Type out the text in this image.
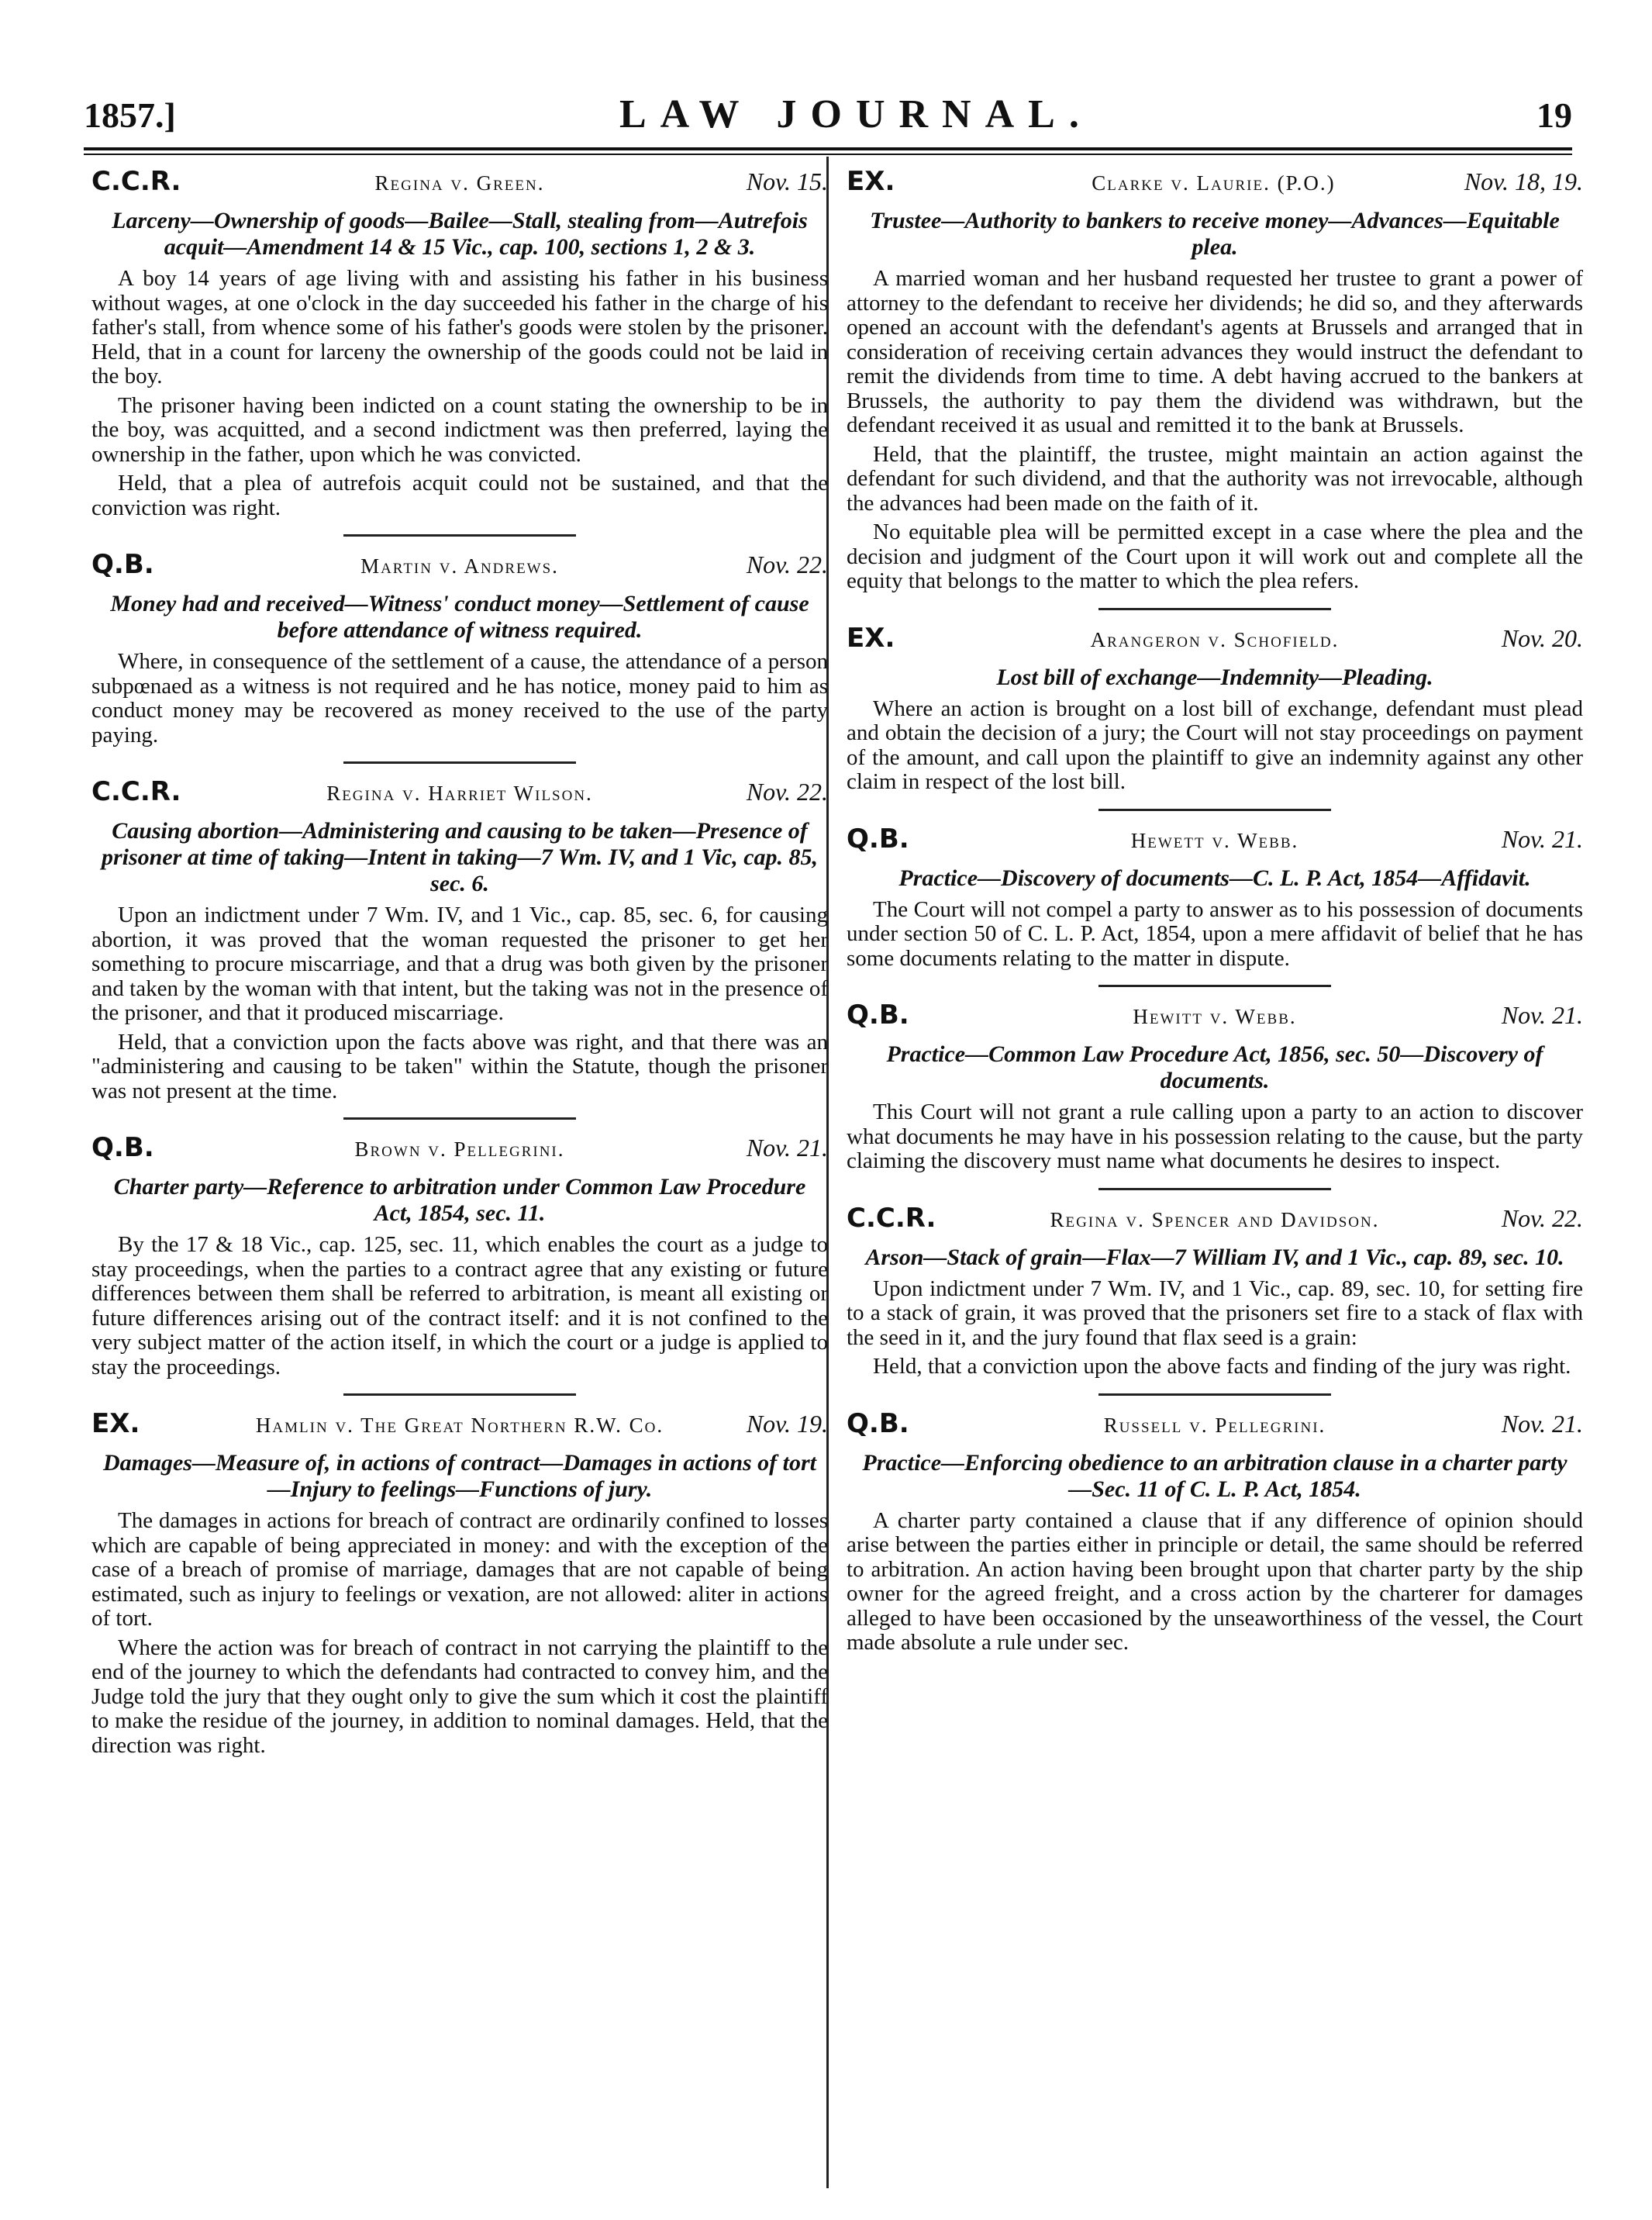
1857.]	LAW JOURNAL.	19
C.C.R.	Regina v. Green.	Nov. 15.
Larceny—Ownership of goods—Bailee—Stall, stealing from—Autrefois acquit—Amendment 14 & 15 Vic., cap. 100, sections 1, 2 & 3.

A boy 14 years of age living with and assisting his father in his business without wages, at one o'clock in the day succeeded his father in the charge of his father's stall, from whence some of his father's goods were stolen by the prisoner. Held, that in a count for larceny the ownership of the goods could not be laid in the boy.

The prisoner having been indicted on a count stating the ownership to be in the boy, was acquitted, and a second indictment was then preferred, laying the ownership in the father, upon which he was convicted.

Held, that a plea of autrefois acquit could not be sustained, and that the conviction was right.

Q.B.	Martin v. Andrews.	Nov. 22.
Money had and received—Witness' conduct money—Settlement of cause before attendance of witness required.

Where, in consequence of the settlement of a cause, the attendance of a person subpœnaed as a witness is not required and he has notice, money paid to him as conduct money may be recovered as money received to the use of the party paying.

C.C.R.	Regina v. Harriet Wilson.	Nov. 22.
Causing abortion—Administering and causing to be taken—Presence of prisoner at time of taking—Intent in taking—7 Wm. IV, and 1 Vic, cap. 85, sec. 6.

Upon an indictment under 7 Wm. IV, and 1 Vic., cap. 85, sec. 6, for causing abortion, it was proved that the woman requested the prisoner to get her something to procure miscarriage, and that a drug was both given by the prisoner and taken by the woman with that intent, but the taking was not in the presence of the prisoner, and that it produced miscarriage.

Held, that a conviction upon the facts above was right, and that there was an "administering and causing to be taken" within the Statute, though the prisoner was not present at the time.

Q.B.	Brown v. Pellegrini.	Nov. 21.
Charter party—Reference to arbitration under Common Law Procedure Act, 1854, sec. 11.

By the 17 & 18 Vic., cap. 125, sec. 11, which enables the court as a judge to stay proceedings, when the parties to a contract agree that any existing or future differences between them shall be referred to arbitration, is meant all existing or future differences arising out of the contract itself: and it is not confined to the very subject matter of the action itself, in which the court or a judge is applied to stay the proceedings.

EX.	Hamlin v. The Great Northern R.W. Co.	Nov. 19.
Damages—Measure of, in actions of contract—Damages in actions of tort—Injury to feelings—Functions of jury.

The damages in actions for breach of contract are ordinarily confined to losses which are capable of being appreciated in money: and with the exception of the case of a breach of promise of marriage, damages that are not capable of being estimated, such as injury to feelings or vexation, are not allowed: aliter in actions of tort.

Where the action was for breach of contract in not carrying the plaintiff to the end of the journey to which the defendants had contracted to convey him, and the Judge told the jury that they ought only to give the sum which it cost the plaintiff to make the residue of the journey, in addition to nominal damages. Held, that the direction was right.

EX.	Clarke v. Laurie. (P.O.)	Nov. 18, 19.
Trustee—Authority to bankers to receive money—Advances—Equitable plea.

A married woman and her husband requested her trustee to grant a power of attorney to the defendant to receive her dividends; he did so, and they afterwards opened an account with the defendant's agents at Brussels and arranged that in consideration of receiving certain advances they would instruct the defendant to remit the dividends from time to time. A debt having accrued to the bankers at Brussels, the authority to pay them the dividend was withdrawn, but the defendant received it as usual and remitted it to the bank at Brussels.

Held, that the plaintiff, the trustee, might maintain an action against the defendant for such dividend, and that the authority was not irrevocable, although the advances had been made on the faith of it.

No equitable plea will be permitted except in a case where the plea and the decision and judgment of the Court upon it will work out and complete all the equity that belongs to the matter to which the plea refers.

EX.	Arangeron v. Schofield.	Nov. 20.
Lost bill of exchange—Indemnity—Pleading.

Where an action is brought on a lost bill of exchange, defendant must plead and obtain the decision of a jury; the Court will not stay proceedings on payment of the amount, and call upon the plaintiff to give an indemnity against any other claim in respect of the lost bill.

Q.B.	Hewett v. Webb.	Nov. 21.
Practice—Discovery of documents—C. L. P. Act, 1854—Affidavit.

The Court will not compel a party to answer as to his possession of documents under section 50 of C. L. P. Act, 1854, upon a mere affidavit of belief that he has some documents relating to the matter in dispute.

Q.B.	Hewitt v. Webb.	Nov. 21.
Practice—Common Law Procedure Act, 1856, sec. 50—Discovery of documents.

This Court will not grant a rule calling upon a party to an action to discover what documents he may have in his possession relating to the cause, but the party claiming the discovery must name what documents he desires to inspect.

C.C.R.	Regina v. Spencer and Davidson.	Nov. 22.
Arson—Stack of grain—Flax—7 William IV, and 1 Vic., cap. 89, sec. 10.

Upon indictment under 7 Wm. IV, and 1 Vic., cap. 89, sec. 10, for setting fire to a stack of grain, it was proved that the prisoners set fire to a stack of flax with the seed in it, and the jury found that flax seed is a grain:

Held, that a conviction upon the above facts and finding of the jury was right.

Q.B.	Russell v. Pellegrini.	Nov. 21.
Practice—Enforcing obedience to an arbitration clause in a charter party—Sec. 11 of C. L. P. Act, 1854.

A charter party contained a clause that if any difference of opinion should arise between the parties either in principle or detail, the same should be referred to arbitration. An action having been brought upon that charter party by the ship owner for the agreed freight, and a cross action by the charterer for damages alleged to have been occasioned by the unseaworthiness of the vessel, the Court made absolute a rule under sec.
